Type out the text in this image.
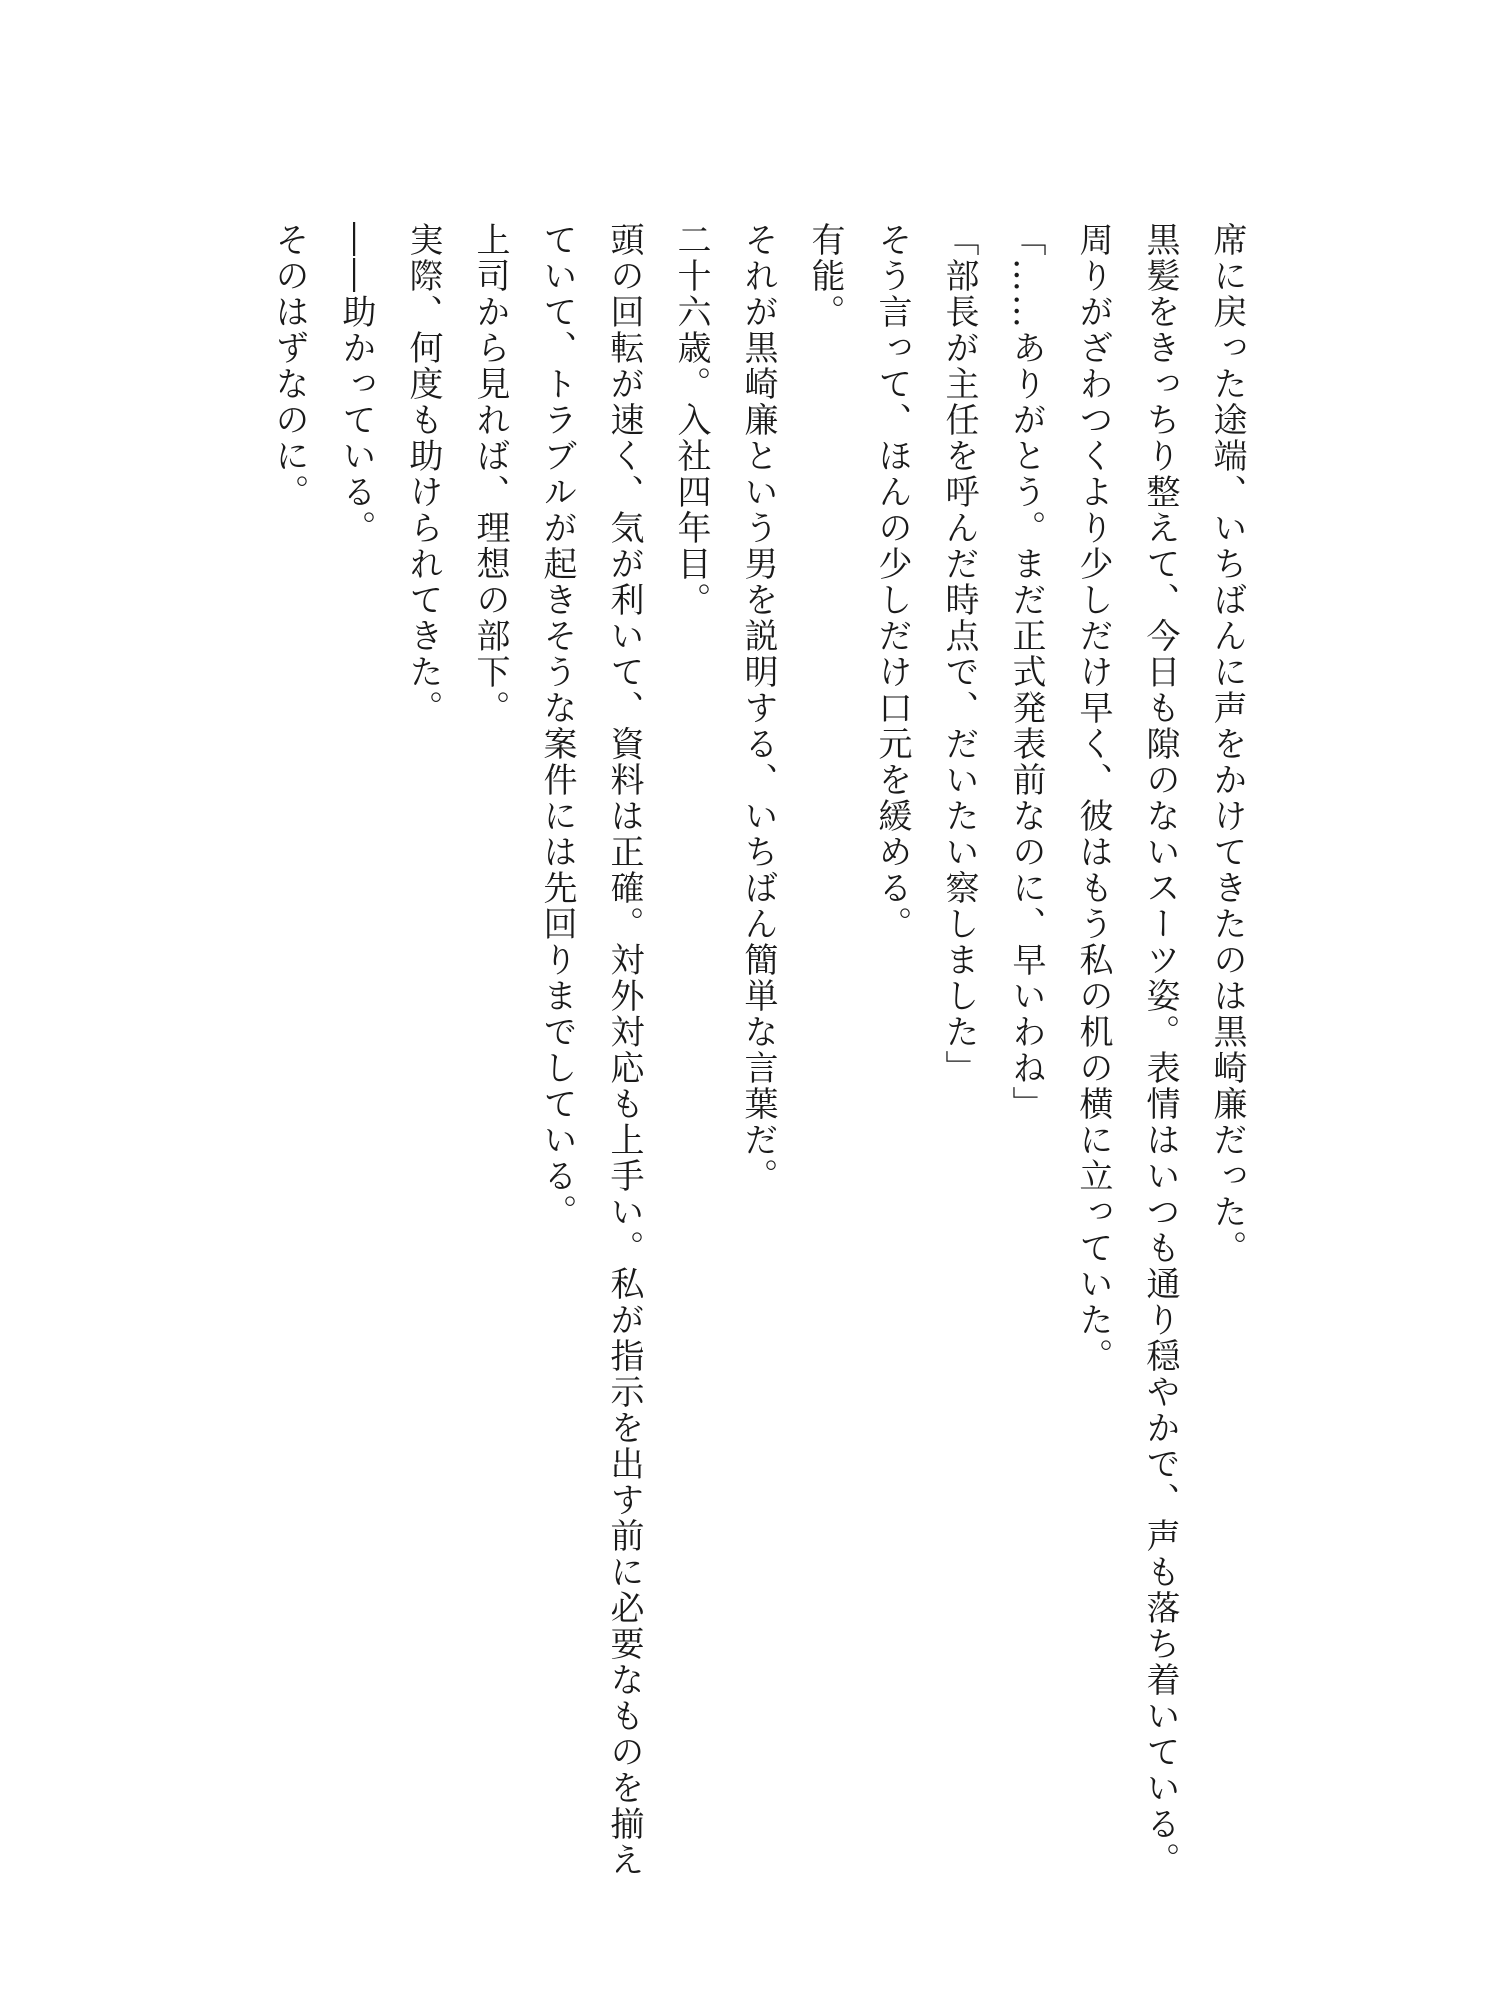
席に戻った途端、いちばんに声をかけてきたのは黒崎廉だった。

黒髪をきっちり整えて、今日も隙のないスーツ姿。表情はいつも通り穏やかで、声も落ち着いている。

周りがざわつくより少しだけ早く、彼はもう私の机の横に立っていた。

「……ありがとう。まだ正式発表前なのに、早いわね」

「部長が主任を呼んだ時点で、だいたい察しました」

そう言って、ほんの少しだけ口元を緩める。

有能。

それが黒崎廉という男を説明する、いちばん簡単な言葉だ。

二十六歳。入社四年目。

頭の回転が速く、気が利いて、資料は正確。対外対応も上手い。私が指示を出す前に必要なものを揃え

ていて、トラブルが起きそうな案件には先回りまでしている。

上司から見れば、理想の部下。

実際、何度も助けられてきた。

――助かっている。

そのはずなのに。
